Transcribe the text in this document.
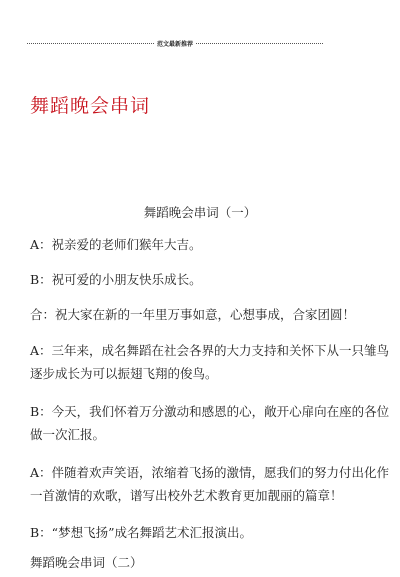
范文最新推荐
舞蹈晚会串词
舞蹈晚会串词（一）
A：祝亲爱的老师们猴年大吉。
B：祝可爱的小朋友快乐成长。
合：祝大家在新的一年里万事如意，心想事成，合家团圆！
A：三年来，成名舞蹈在社会各界的大力支持和关怀下从一只雏鸟
逐步成长为可以振翅飞翔的俊鸟。
B：今天，我们怀着万分激动和感恩的心，敞开心扉向在座的各位
做一次汇报。
A：伴随着欢声笑语，浓缩着飞扬的激情，愿我们的努力付出化作
一首激情的欢歌，谱写出校外艺术教育更加靓丽的篇章！
B：“梦想飞扬”成名舞蹈艺术汇报演出。
舞蹈晚会串词（二）
